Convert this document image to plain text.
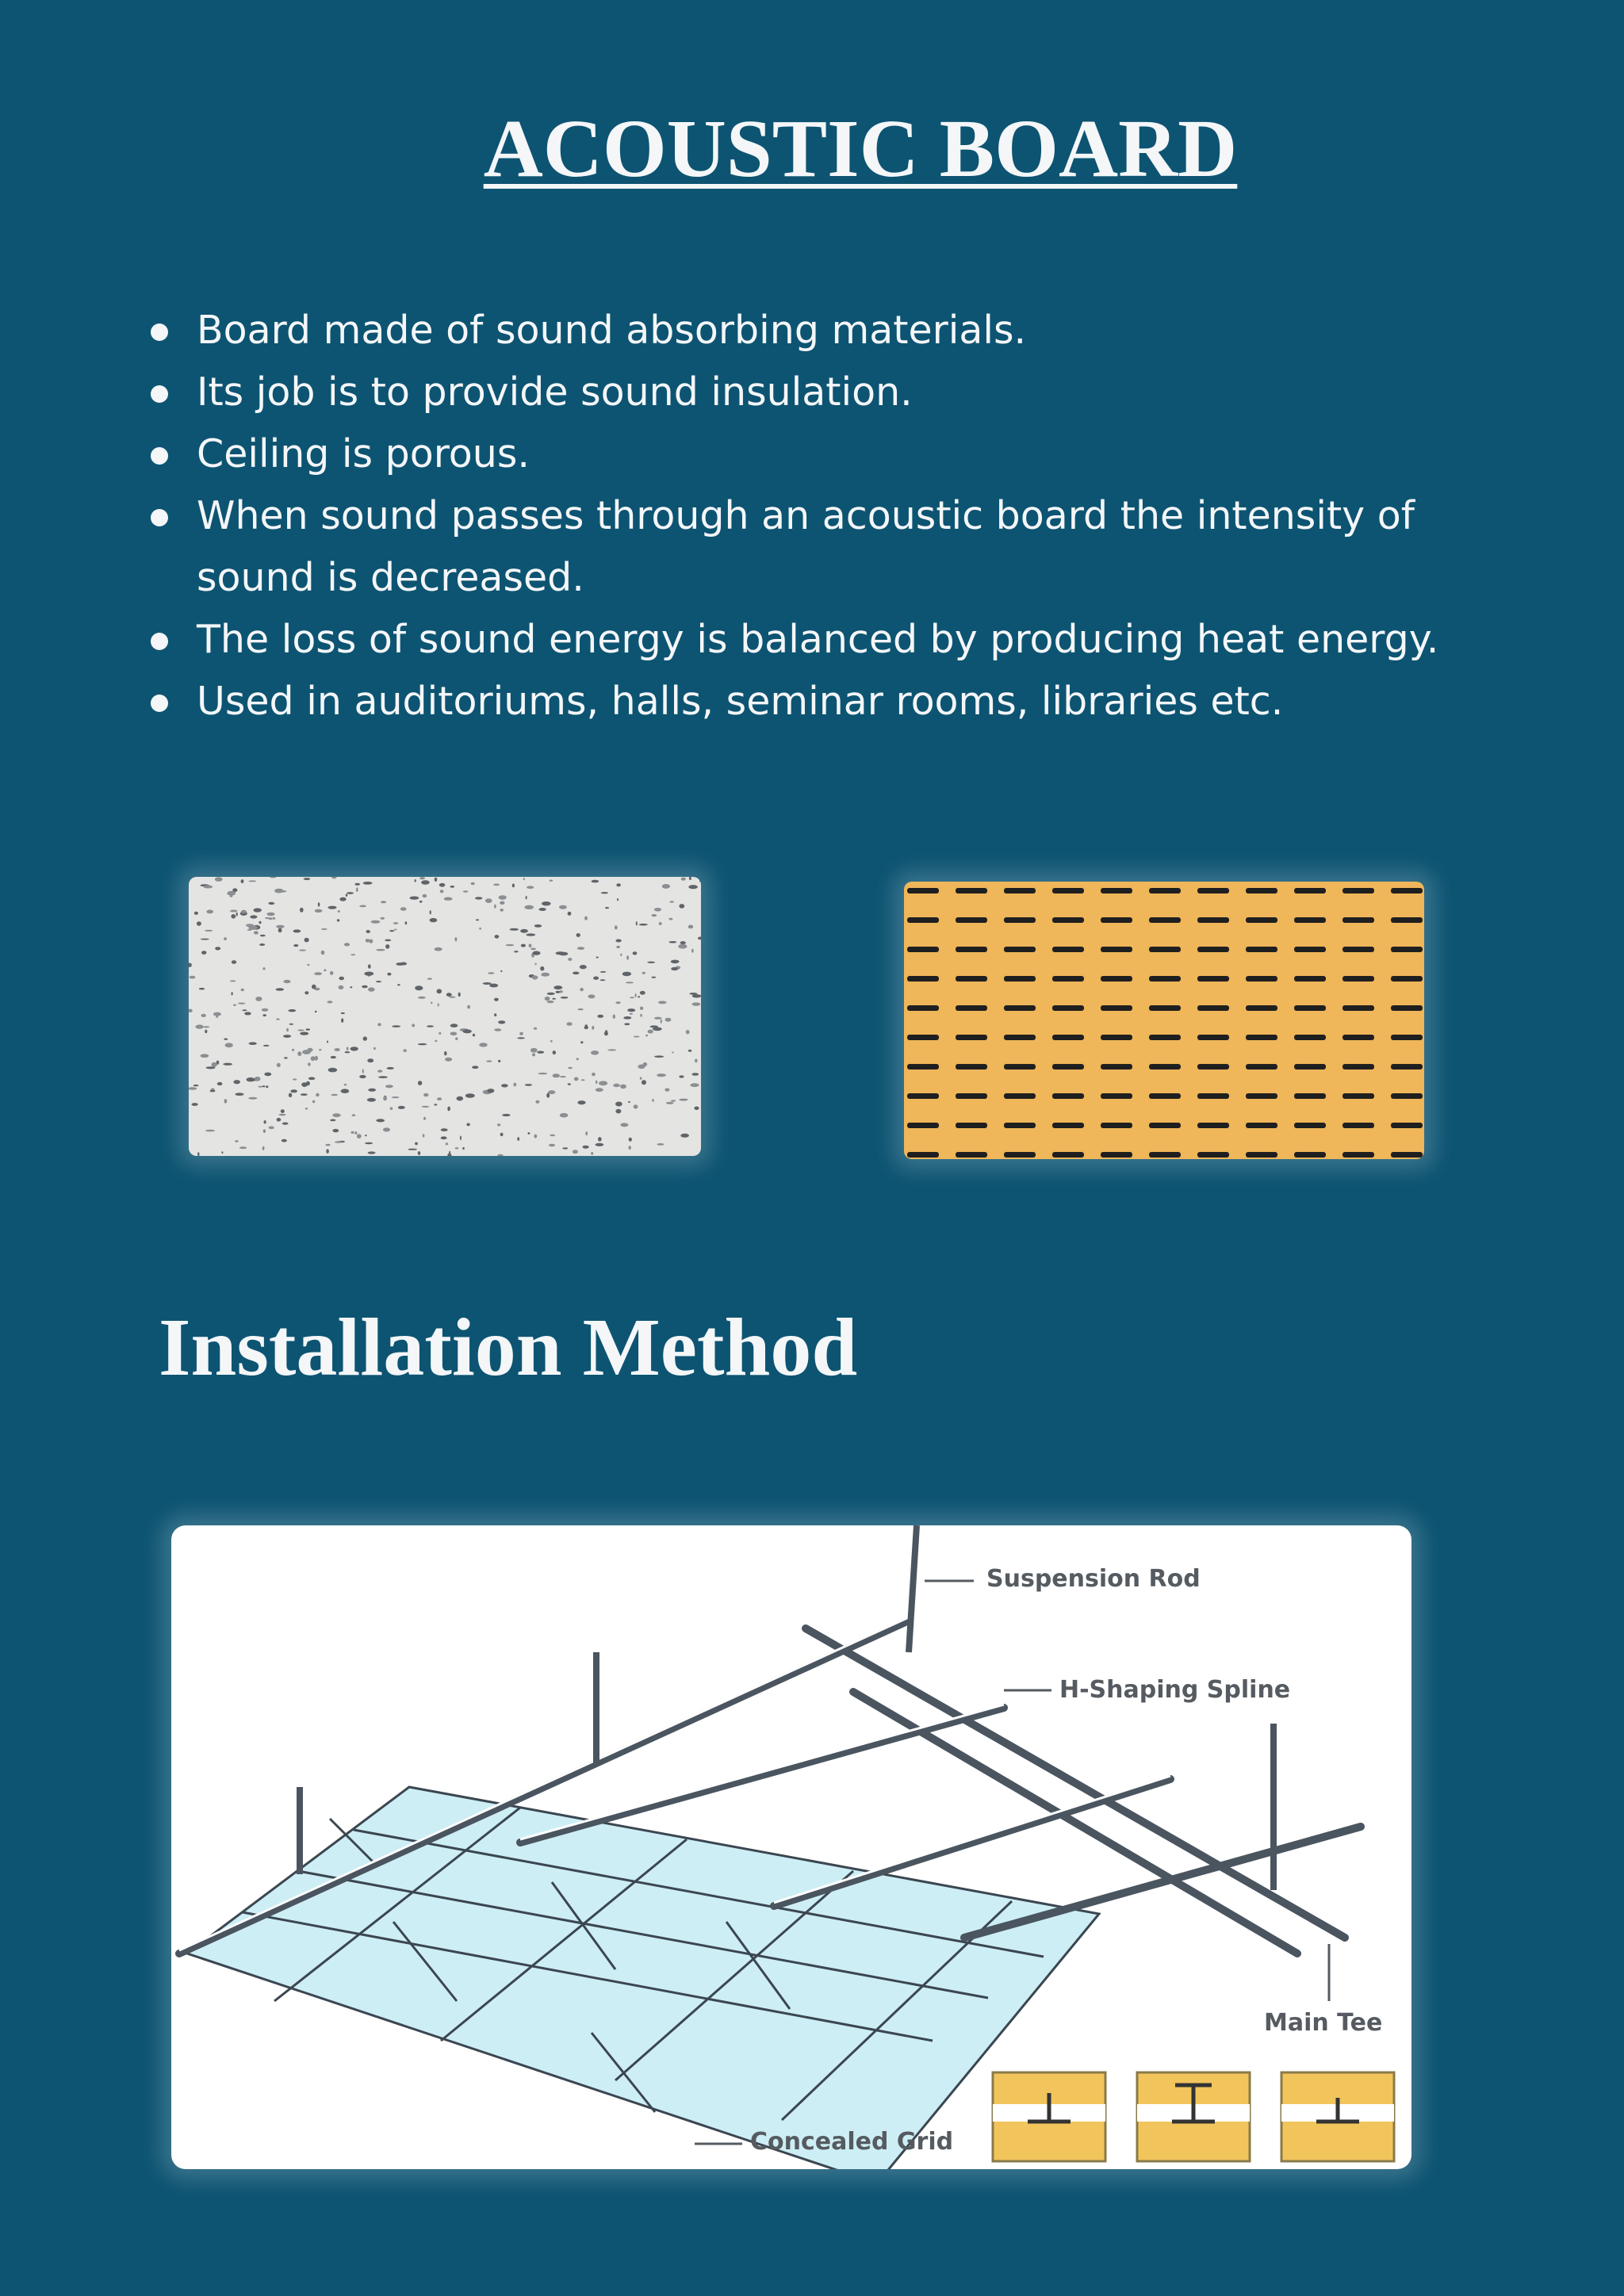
ACOUSTIC BOARD
Board made of sound absorbing materials.
Its job is to provide sound insulation.
Ceiling is porous.
When sound passes through an acoustic board the intensity of sound is decreased.
The loss of sound energy is balanced by producing heat energy.
Used in auditoriums, halls, seminar rooms, libraries etc.
Installation Method
Suspension Rod
H-Shaping Spline
Main Tee
Concealed Grid
